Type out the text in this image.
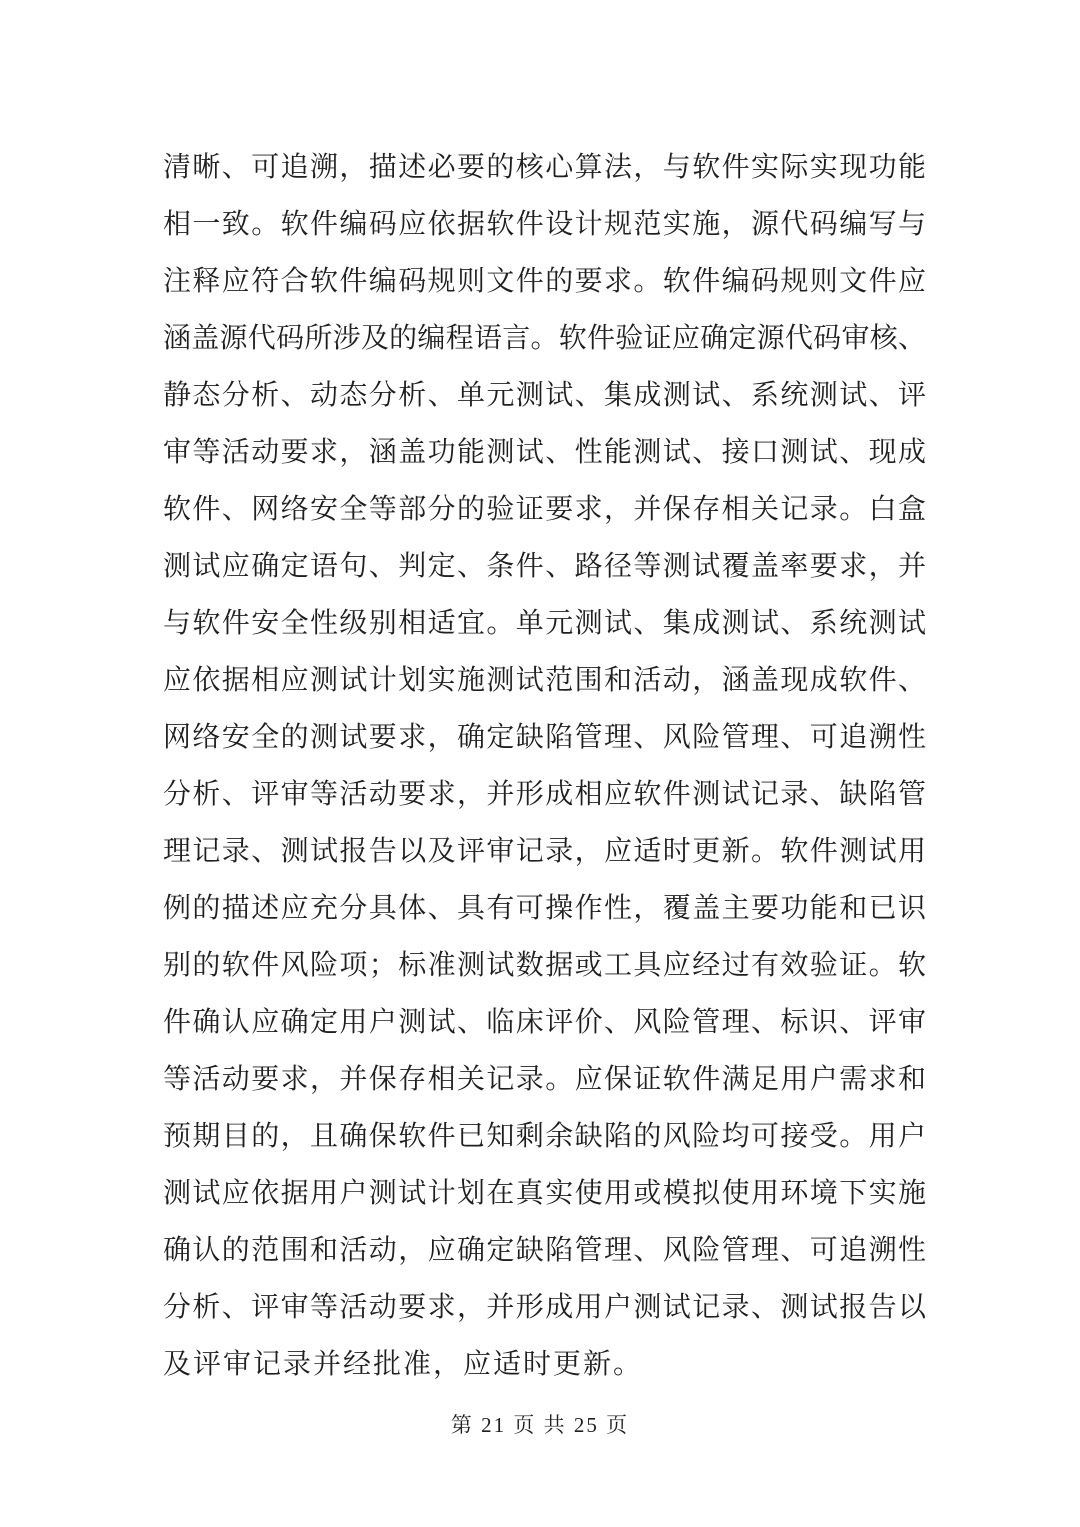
清晰、可追溯，描述必要的核心算法，与软件实际实现功能

相一致。软件编码应依据软件设计规范实施，源代码编写与

注释应符合软件编码规则文件的要求。软件编码规则文件应

涵盖源代码所涉及的编程语言。软件验证应确定源代码审核、

静态分析、动态分析、单元测试、集成测试、系统测试、评

审等活动要求，涵盖功能测试、性能测试、接口测试、现成

软件、网络安全等部分的验证要求，并保存相关记录。白盒

测试应确定语句、判定、条件、路径等测试覆盖率要求，并

与软件安全性级别相适宜。单元测试、集成测试、系统测试

应依据相应测试计划实施测试范围和活动，涵盖现成软件、

网络安全的测试要求，确定缺陷管理、风险管理、可追溯性

分析、评审等活动要求，并形成相应软件测试记录、缺陷管

理记录、测试报告以及评审记录，应适时更新。软件测试用

例的描述应充分具体、具有可操作性，覆盖主要功能和已识

别的软件风险项；标准测试数据或工具应经过有效验证。软

件确认应确定用户测试、临床评价、风险管理、标识、评审

等活动要求，并保存相关记录。应保证软件满足用户需求和

预期目的，且确保软件已知剩余缺陷的风险均可接受。用户

测试应依据用户测试计划在真实使用或模拟使用环境下实施

确认的范围和活动，应确定缺陷管理、风险管理、可追溯性

分析、评审等活动要求，并形成用户测试记录、测试报告以

及评审记录并经批准，应适时更新。

第 21 页 共 25 页
